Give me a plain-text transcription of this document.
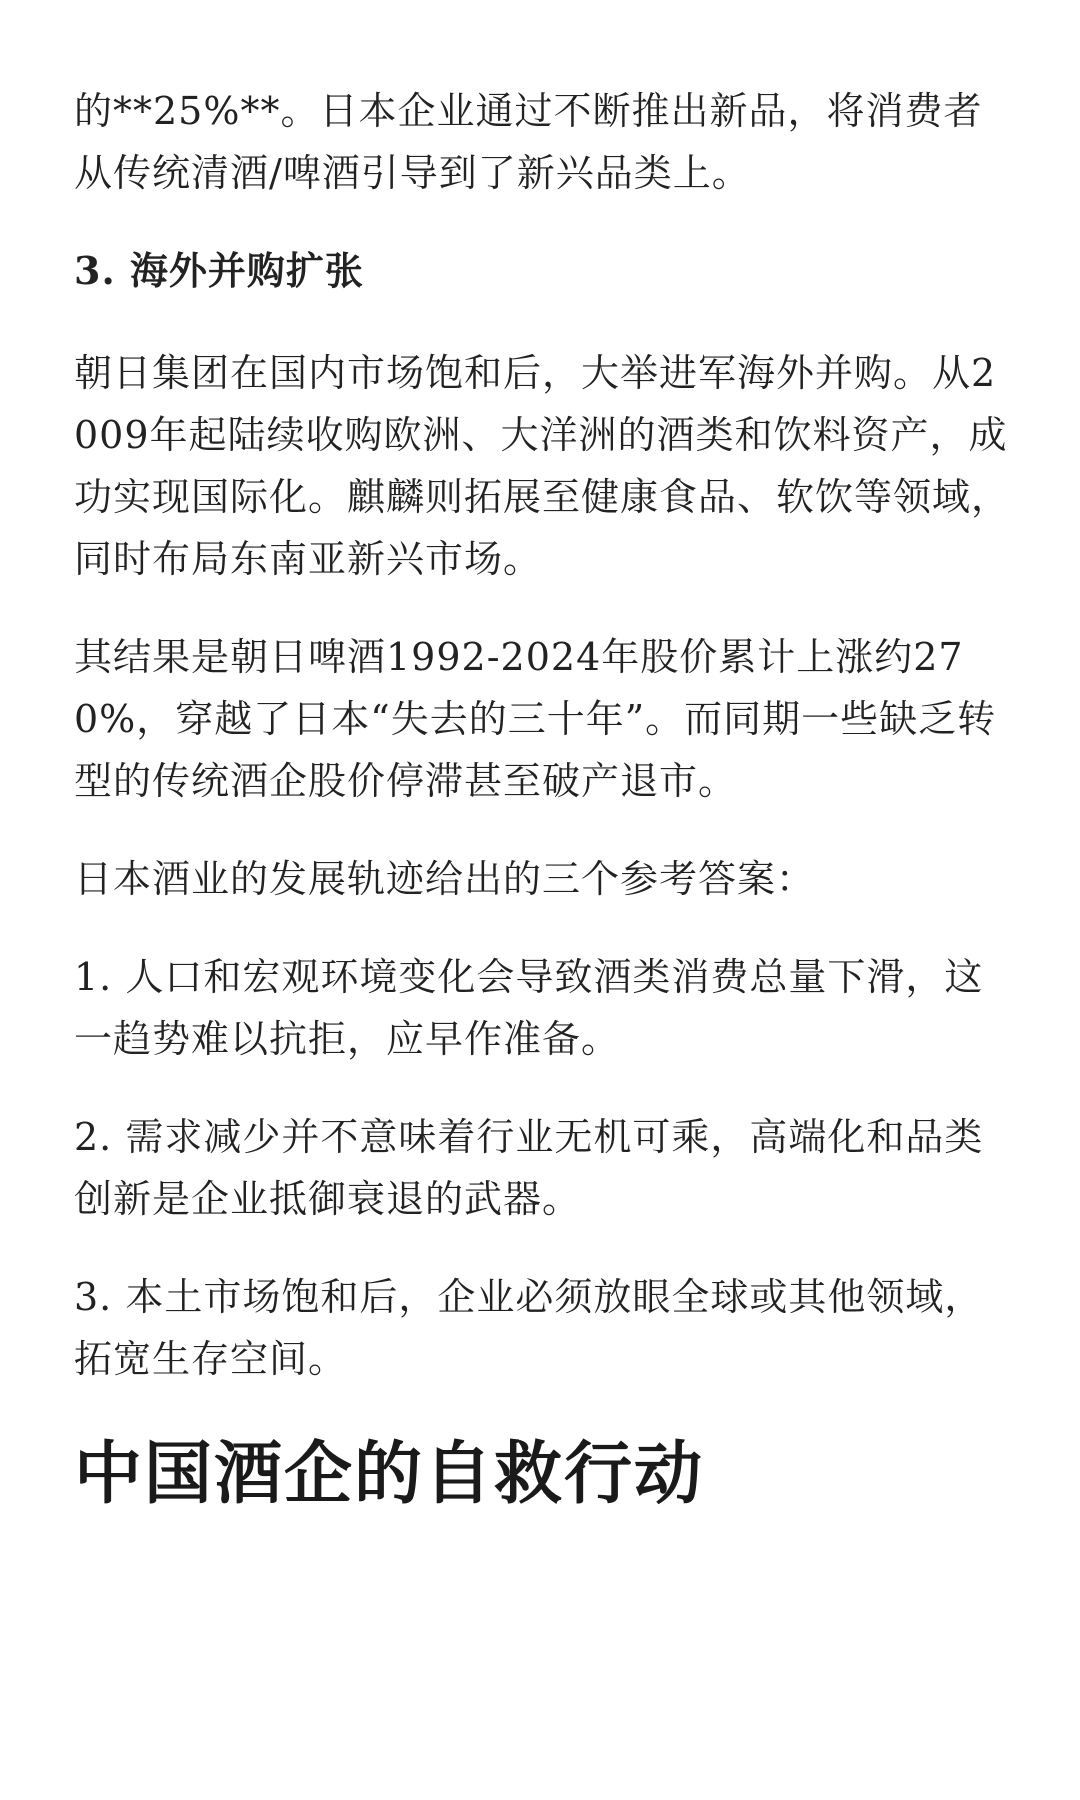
的**25%**。日本企业通过不断推出新品，将消费者从传统清酒/啤酒引导到了新兴品类上。

3. 海外并购扩张

朝日集团在国内市场饱和后，大举进军海外并购。从2009年起陆续收购欧洲、大洋洲的酒类和饮料资产，成功实现国际化。麒麟则拓展至健康食品、软饮等领域，同时布局东南亚新兴市场。

其结果是朝日啤酒1992-2024年股价累计上涨约270%，穿越了日本“失去的三十年”。而同期一些缺乏转型的传统酒企股价停滞甚至破产退市。

日本酒业的发展轨迹给出的三个参考答案：

1. 人口和宏观环境变化会导致酒类消费总量下滑，这一趋势难以抗拒，应早作准备。

2. 需求减少并不意味着行业无机可乘，高端化和品类创新是企业抵御衰退的武器。

3. 本土市场饱和后，企业必须放眼全球或其他领域，拓宽生存空间。

中国酒企的自救行动
